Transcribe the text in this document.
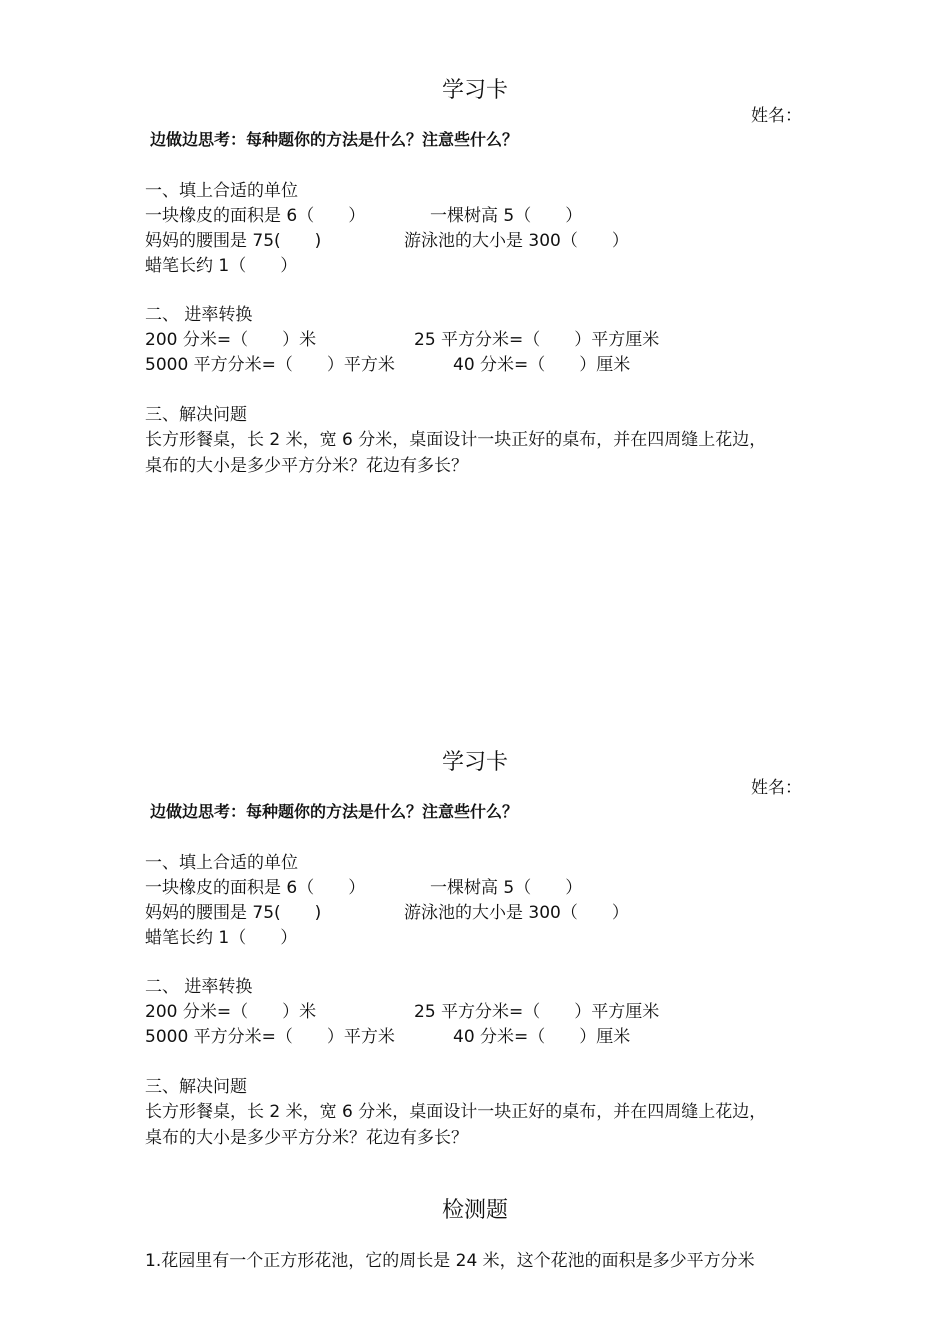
学习卡
姓名：
边做边思考：每种题你的方法是什么？注意些什么？
一、填上合适的单位
一块橡皮的面积是 6（　　）	一棵树高 5（　　）
妈妈的腰围是 75(　　)	游泳池的大小是 300（　　）
蜡笔长约 1（　　）
二、 进率转换
200 分米=（　　）米	25 平方分米=（　　）平方厘米
5000 平方分米=（　　）平方米	40 分米=（　　）厘米
三、解决问题
长方形餐桌，长 2 米，宽 6 分米，桌面设计一块正好的桌布，并在四周缝上花边，
桌布的大小是多少平方分米？花边有多长？
学习卡
姓名：
边做边思考：每种题你的方法是什么？注意些什么？
一、填上合适的单位
一块橡皮的面积是 6（　　）	一棵树高 5（　　）
妈妈的腰围是 75(　　)	游泳池的大小是 300（　　）
蜡笔长约 1（　　）
二、 进率转换
200 分米=（　　）米	25 平方分米=（　　）平方厘米
5000 平方分米=（　　）平方米	40 分米=（　　）厘米
三、解决问题
长方形餐桌，长 2 米，宽 6 分米，桌面设计一块正好的桌布，并在四周缝上花边，
桌布的大小是多少平方分米？花边有多长？
检测题
1.花园里有一个正方形花池，它的周长是 24 米，这个花池的面积是多少平方分米
